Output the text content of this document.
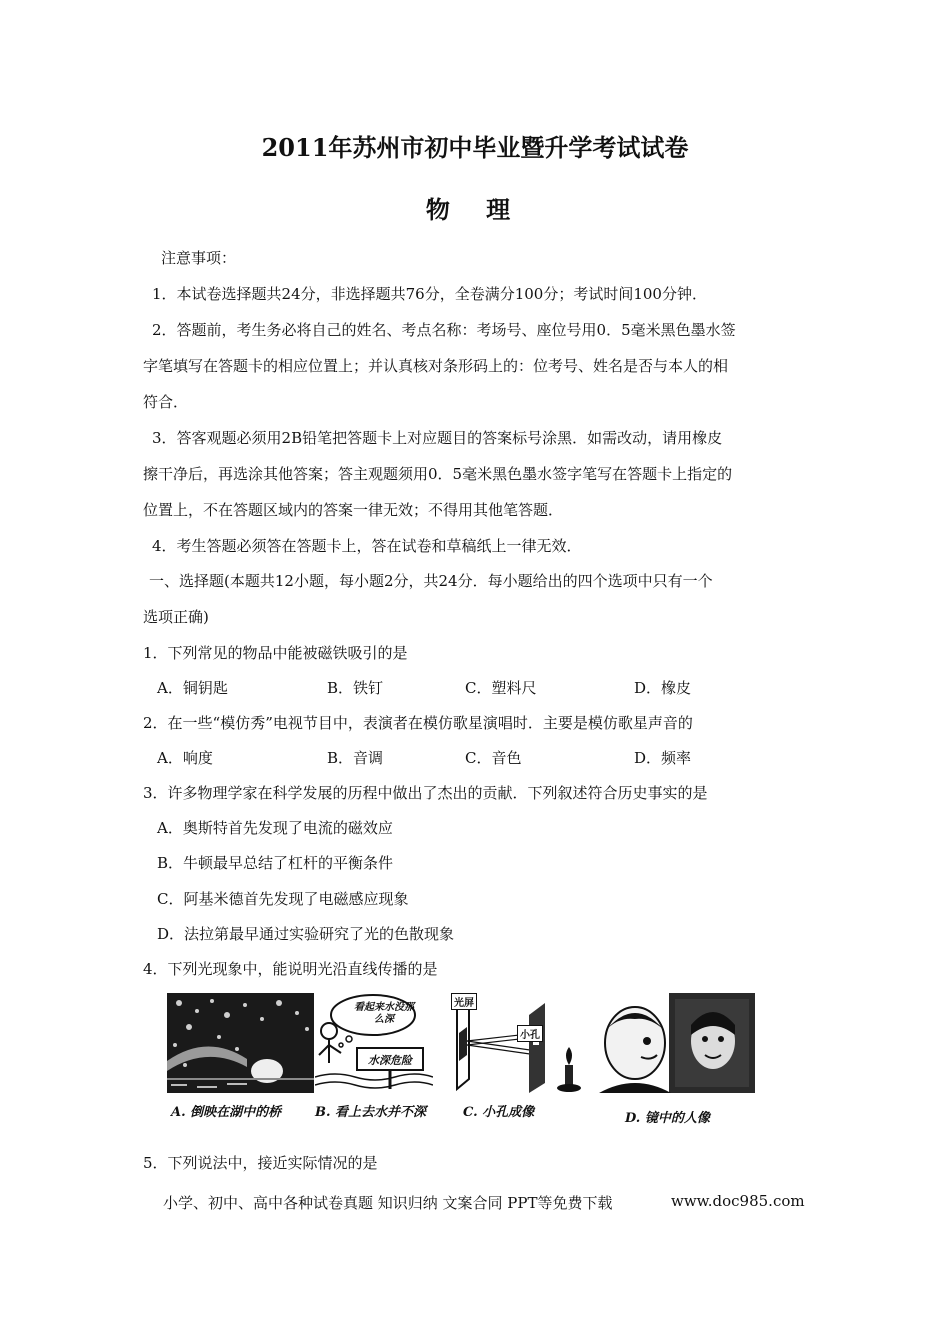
2011年苏州市初中毕业暨升学考试试卷
物 理
注意事项：
1．本试卷选择题共24分，非选择题共76分，全卷满分100分；考试时间100分钟．
2．答题前，考生务必将自己的姓名、考点名称：考场号、座位号用0．5毫米黑色墨水签
字笔填写在答题卡的相应位置上；并认真核对条形码上的：位考号、姓名是否与本人的相
符合．
3．答客观题必须用2B铅笔把答题卡上对应题目的答案标号涂黑．如需改动，请用橡皮
擦干净后，再选涂其他答案；答主观题须用0．5毫米黑色墨水签字笔写在答题卡上指定的
位置上，不在答题区域内的答案一律无效；不得用其他笔答题．
4．考生答题必须答在答题卡上，答在试卷和草稿纸上一律无效．
一、选择题(本题共12小题，每小题2分，共24分．每小题给出的四个选项中只有一个
选项正确)
1．下列常见的物品中能被磁铁吸引的是
A．铜钥匙	B．铁钉	C．塑料尺	D．橡皮
2．在一些“模仿秀”电视节目中，表演者在模仿歌星演唱时．主要是模仿歌星声音的
A．响度	B．音调	C．音色	D．频率
3．许多物理学家在科学发展的历程中做出了杰出的贡献．下列叙述符合历史事实的是
A．奥斯特首先发现了电流的磁效应
B．牛顿最早总结了杠杆的平衡条件
C．阿基米德首先发现了电磁感应现象
D．法拉第最早通过实验研究了光的色散现象
4．下列光现象中，能说明光沿直线传播的是
A. 倒映在湖中的桥
看起来水没那么深
水深危险
B. 看上去水并不深
光屏
小孔
C. 小孔成像	D. 镜中的人像
5．下列说法中，接近实际情况的是
小学、初中、高中各种试卷真题 知识归纳 文案合同 PPT等免费下载	www.doc985.com
